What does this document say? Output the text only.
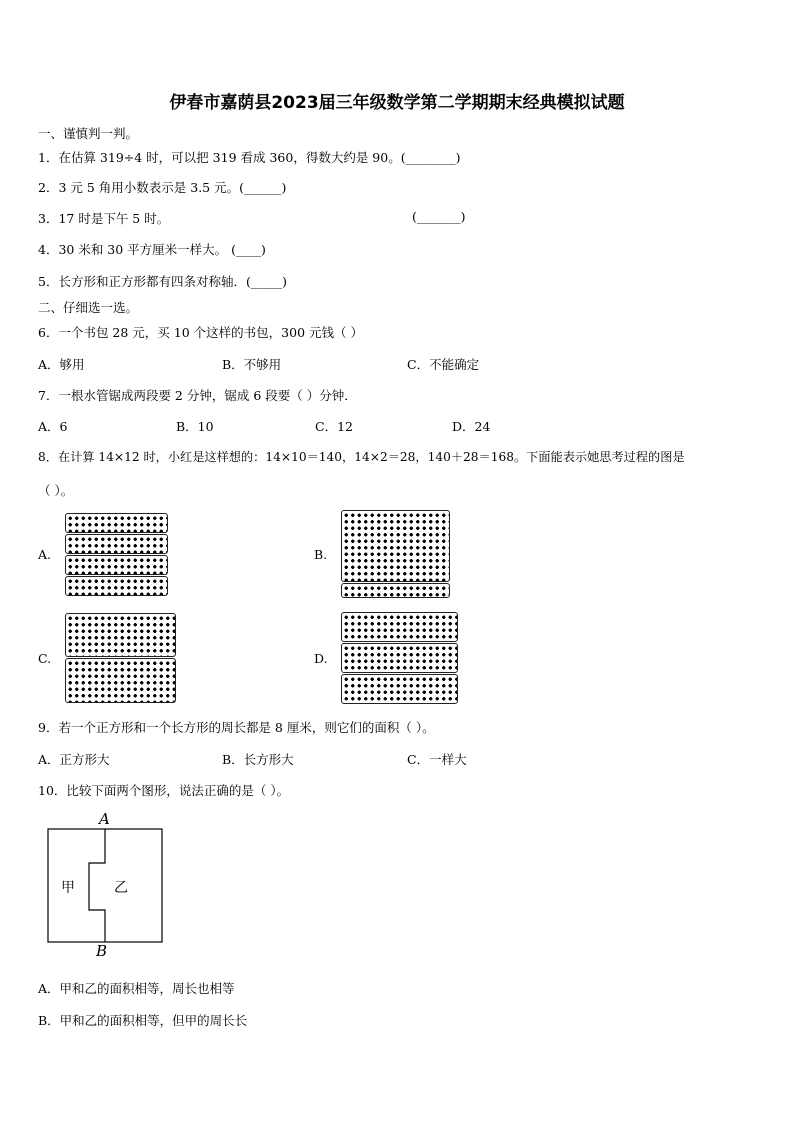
伊春市嘉荫县2023届三年级数学第二学期期末经典模拟试题
一、谨慎判一判。
1．在估算 319÷4 时，可以把 319 看成 360，得数大约是 90。(________)
2．3 元 5 角用小数表示是 3.5 元。(______)
3．17 时是下午 5 时。	(_______)
4．30 米和 30 平方厘米一样大。 (____)
5．长方形和正方形都有四条对称轴．(_____)
二、仔细选一选。
6．一个书包 28 元，买 10 个这样的书包，300 元钱（ ）
A．够用	B．不够用	C．不能确定
7．一根水管锯成两段要 2 分钟，锯成 6 段要（ ）分钟．
A．6	B．10	C．12	D．24
8．在计算 14×12 时，小红是这样想的：14×10＝140，14×2＝28，140＋28＝168。下面能表示她思考过程的图是
（ ）。
A.	B.
C.	D.
9．若一个正方形和一个长方形的周长都是 8 厘米，则它们的面积（ ）。
A．正方形大	B．长方形大	C．一样大
10．比较下面两个图形，说法正确的是（ ）。
A
B
甲	乙
A．甲和乙的面积相等，周长也相等
B．甲和乙的面积相等，但甲的周长长
